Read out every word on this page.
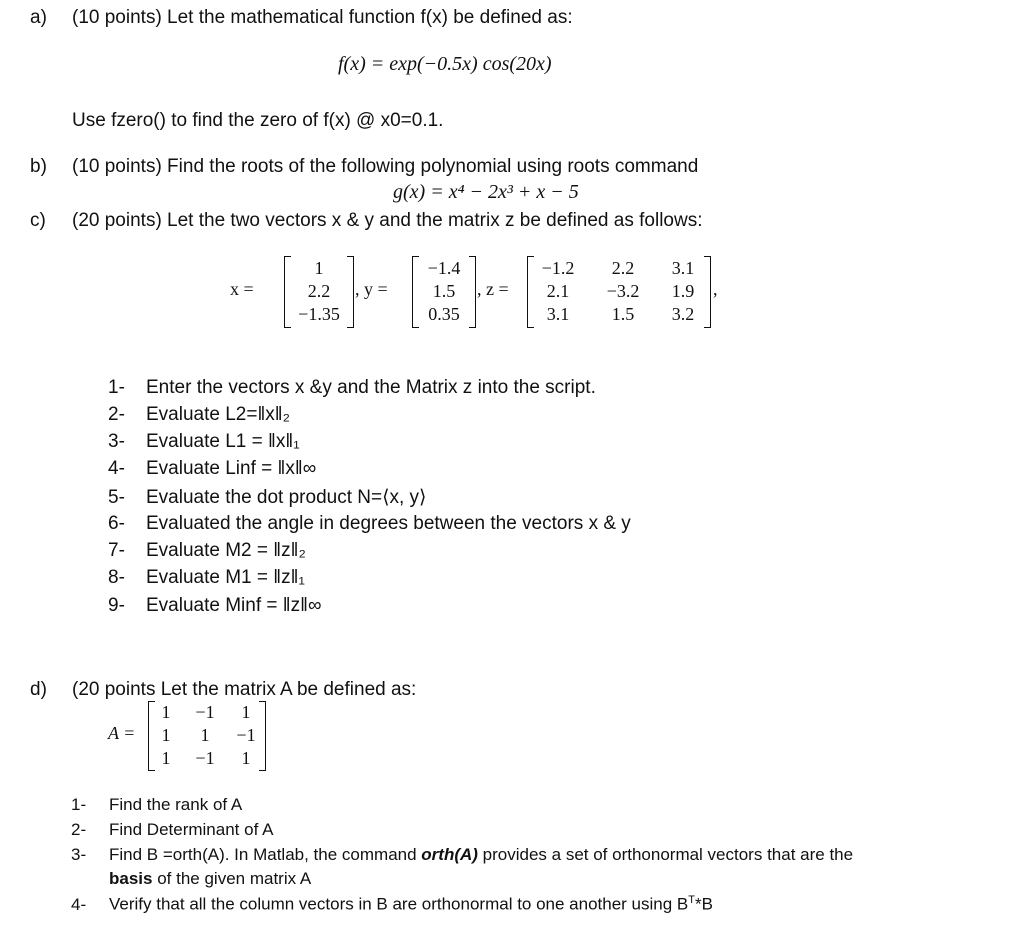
a) (10 points) Let the mathematical function f(x) be defined as:
f(x) = exp(−0.5x) cos(20x)
Use fzero() to find the zero of f(x) @ x0=0.1.
b) (10 points) Find the roots of the following polynomial using roots command
g(x) = x⁴ − 2x³ + x − 5
c) (20 points) Let the two vectors x & y and the matrix z be defined as follows:
x =
1
2.2
−1.35
, y =
−1.4
1.5
0.35
, z =
−1.2	2.2	3.1
2.1	−3.2	1.9
3.1	1.5	3.2
,
1- Enter the vectors x &y and the Matrix z into the script.
2- Evaluate L2=‖x‖₂
3- Evaluate L1 = ‖x‖₁
4- Evaluate Linf = ‖x‖∞
5- Evaluate the dot product N=⟨x, y⟩
6- Evaluated the angle in degrees between the vectors x & y
7- Evaluate M2 = ‖z‖₂
8- Evaluate M1 = ‖z‖₁
9- Evaluate Minf = ‖z‖∞
d) (20 points Let the matrix A be defined as:
A =
1	−1	1
1	1	−1
1	−1	1
1- Find the rank of A
2- Find Determinant of A
3- Find B =orth(A). In Matlab, the command orth(A) provides a set of orthonormal vectors that are the
basis of the given matrix A
4- Verify that all the column vectors in B are orthonormal to one another using $B^T*B$
